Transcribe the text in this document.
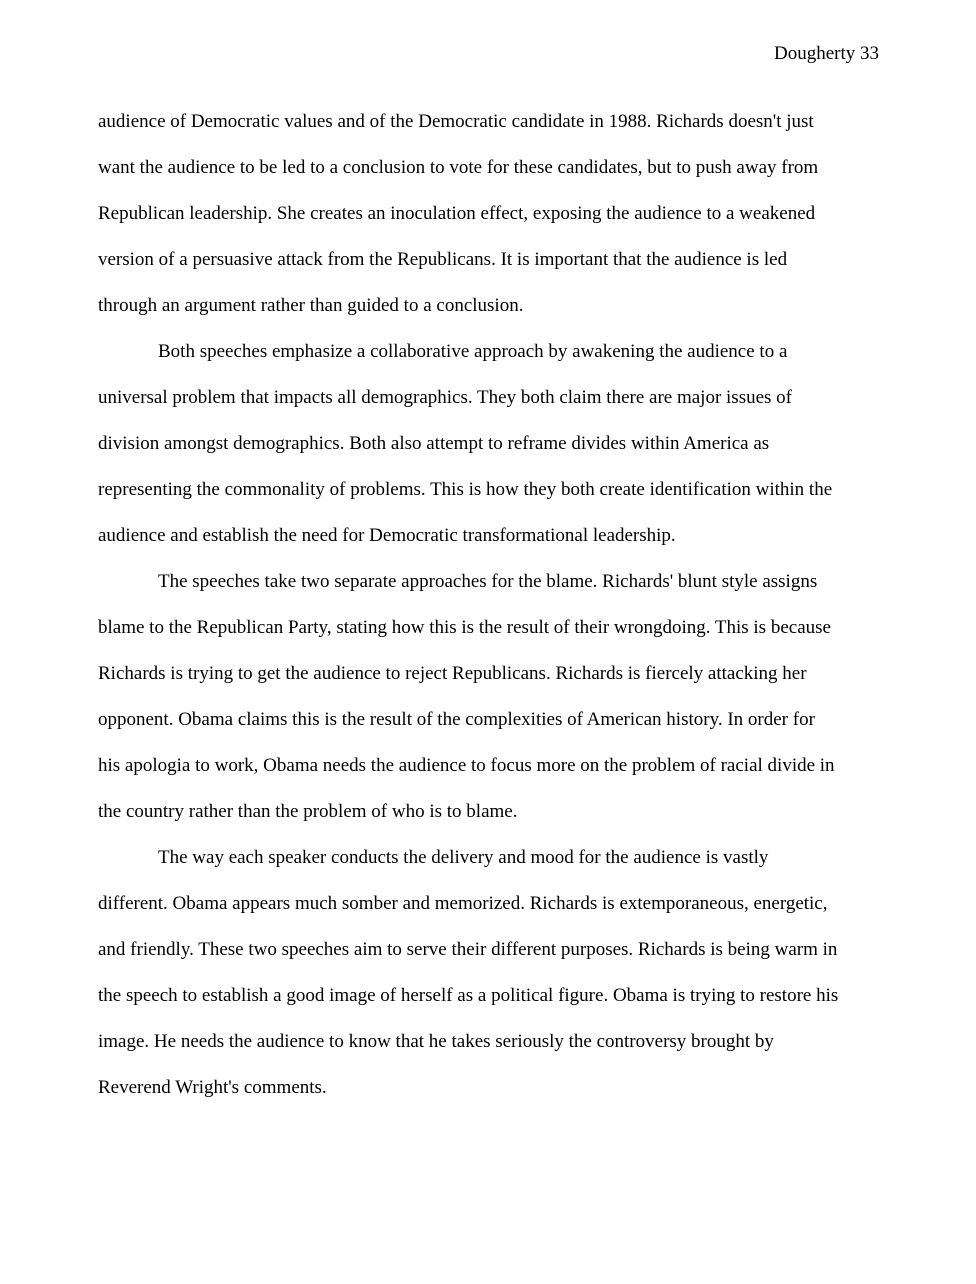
Dougherty 33

audience of Democratic values and of the Democratic candidate in 1988. Richards doesn't just
want the audience to be led to a conclusion to vote for these candidates, but to push away from
Republican leadership. She creates an inoculation effect, exposing the audience to a weakened
version of a persuasive attack from the Republicans. It is important that the audience is led
through an argument rather than guided to a conclusion.

Both speeches emphasize a collaborative approach by awakening the audience to a
universal problem that impacts all demographics. They both claim there are major issues of
division amongst demographics. Both also attempt to reframe divides within America as
representing the commonality of problems. This is how they both create identification within the
audience and establish the need for Democratic transformational leadership.

The speeches take two separate approaches for the blame. Richards' blunt style assigns
blame to the Republican Party, stating how this is the result of their wrongdoing. This is because
Richards is trying to get the audience to reject Republicans. Richards is fiercely attacking her
opponent. Obama claims this is the result of the complexities of American history. In order for
his apologia to work, Obama needs the audience to focus more on the problem of racial divide in
the country rather than the problem of who is to blame.

The way each speaker conducts the delivery and mood for the audience is vastly
different. Obama appears much somber and memorized. Richards is extemporaneous, energetic,
and friendly. These two speeches aim to serve their different purposes. Richards is being warm in
the speech to establish a good image of herself as a political figure. Obama is trying to restore his
image. He needs the audience to know that he takes seriously the controversy brought by
Reverend Wright's comments.
